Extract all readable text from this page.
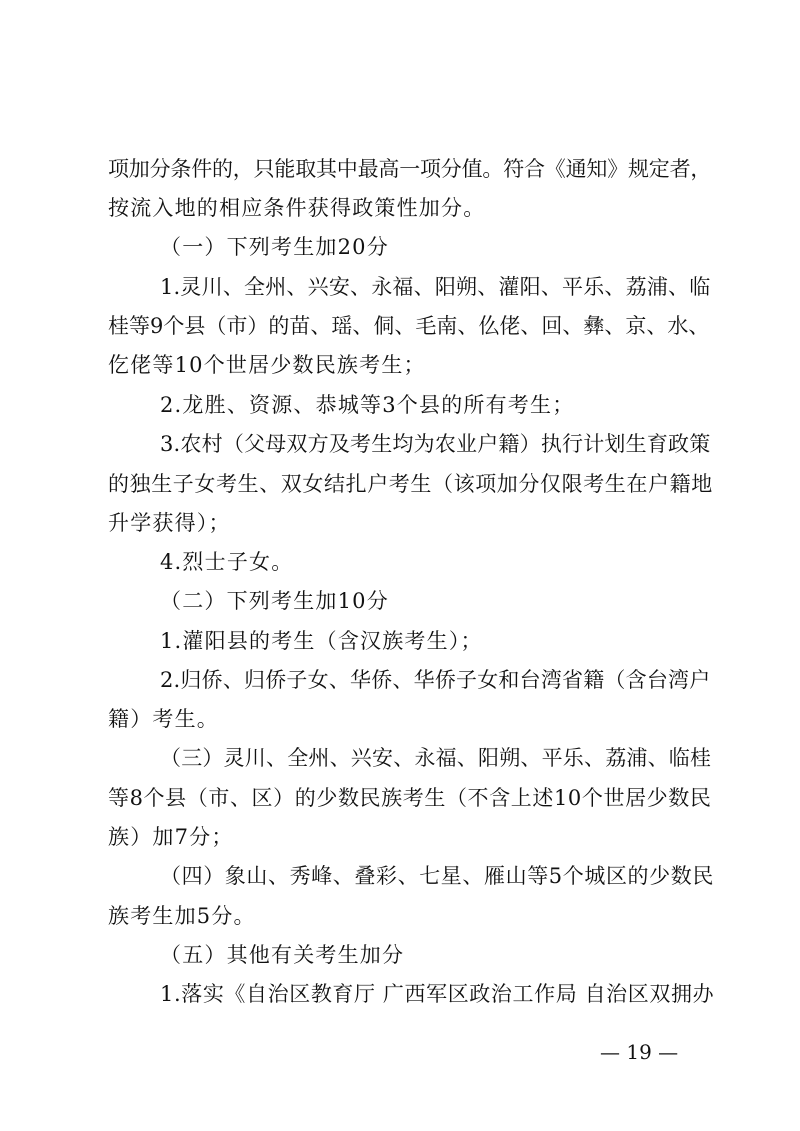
项加分条件的，只能取其中最高一项分值。符合《通知》规定者，
按流入地的相应条件获得政策性加分。
（一）下列考生加20分
1.灵川、全州、兴安、永福、阳朔、灌阳、平乐、荔浦、临
桂等9个县（市）的苗、瑶、侗、毛南、仫佬、回、彝、京、水、
仡佬等10个世居少数民族考生；
2.龙胜、资源、恭城等3个县的所有考生；
3.农村（父母双方及考生均为农业户籍）执行计划生育政策
的独生子女考生、双女结扎户考生（该项加分仅限考生在户籍地
升学获得）；
4.烈士子女。
（二）下列考生加10分
1.灌阳县的考生（含汉族考生）；
2.归侨、归侨子女、华侨、华侨子女和台湾省籍（含台湾户
籍）考生。
（三）灵川、全州、兴安、永福、阳朔、平乐、荔浦、临桂
等8个县（市、区）的少数民族考生（不含上述10个世居少数民
族）加7分；
（四）象山、秀峰、叠彩、七星、雁山等5个城区的少数民
族考生加5分。
（五）其他有关考生加分
1.落实《自治区教育厅 广西军区政治工作局 自治区双拥办
— 19 —
